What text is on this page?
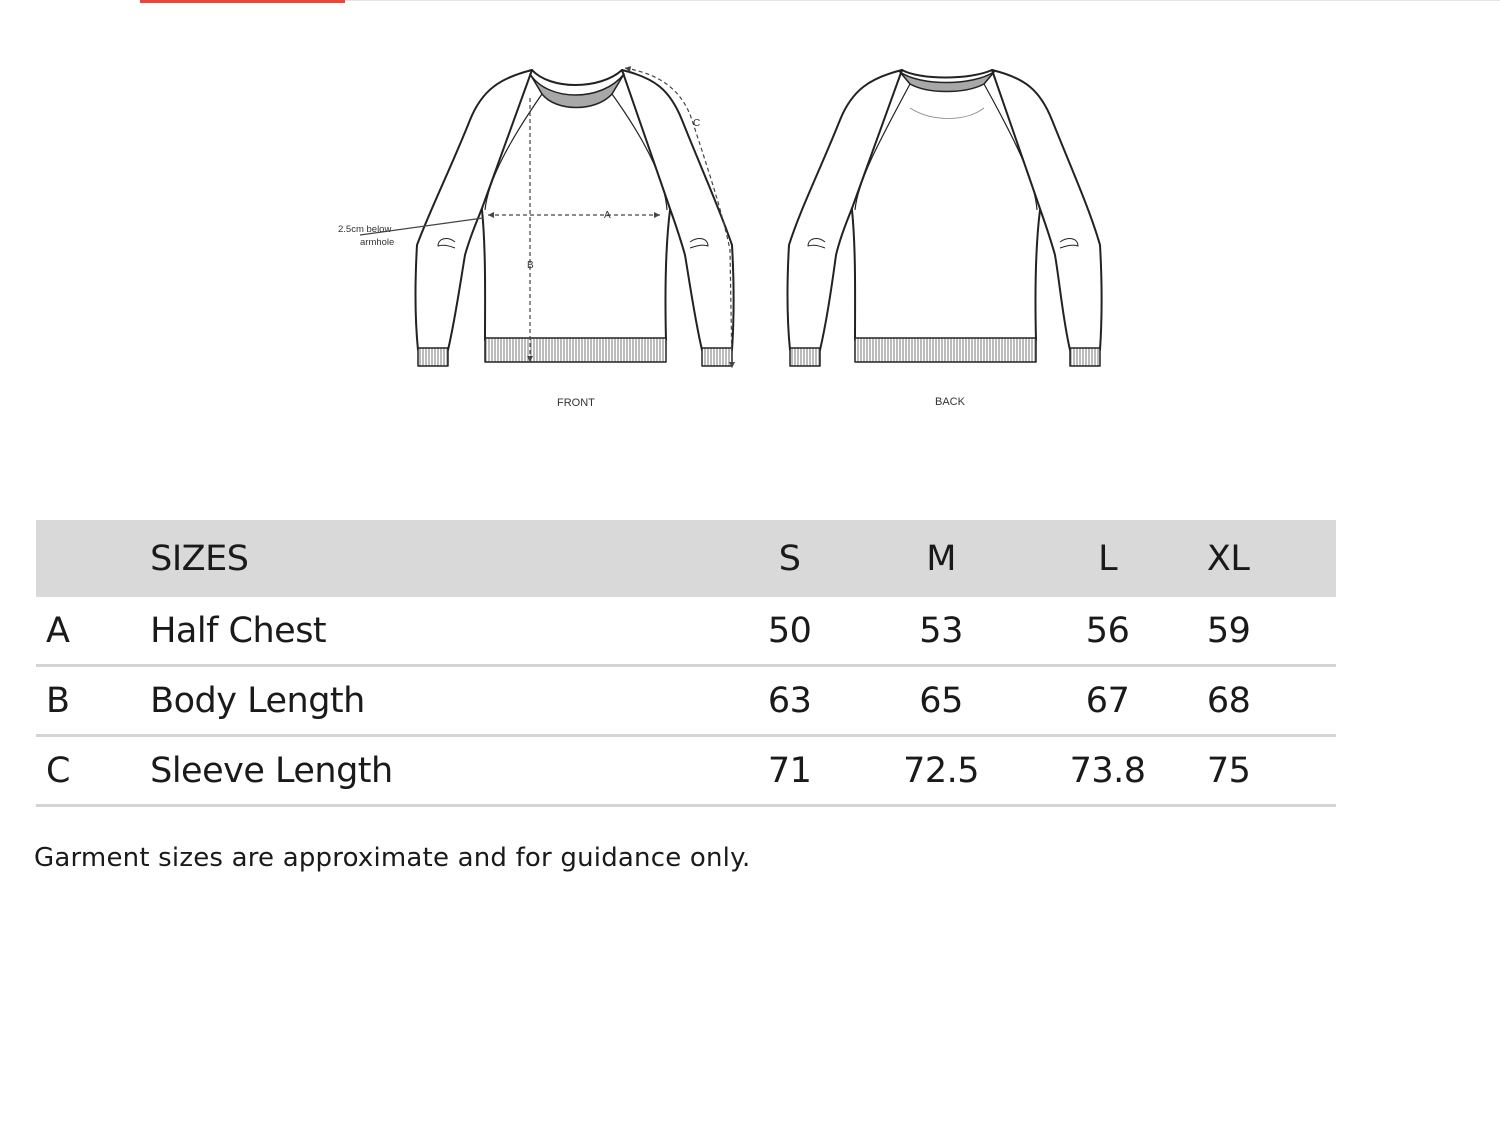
A
B
C
2.5cm below
armhole
FRONT	BACK
	SIZES	S	M	L	XL
A	Half Chest	50	53	56	59
B	Body Length	63	65	67	68
C	Sleeve Length	71	72.5	73.8	75
Garment sizes are approximate and for guidance only.
